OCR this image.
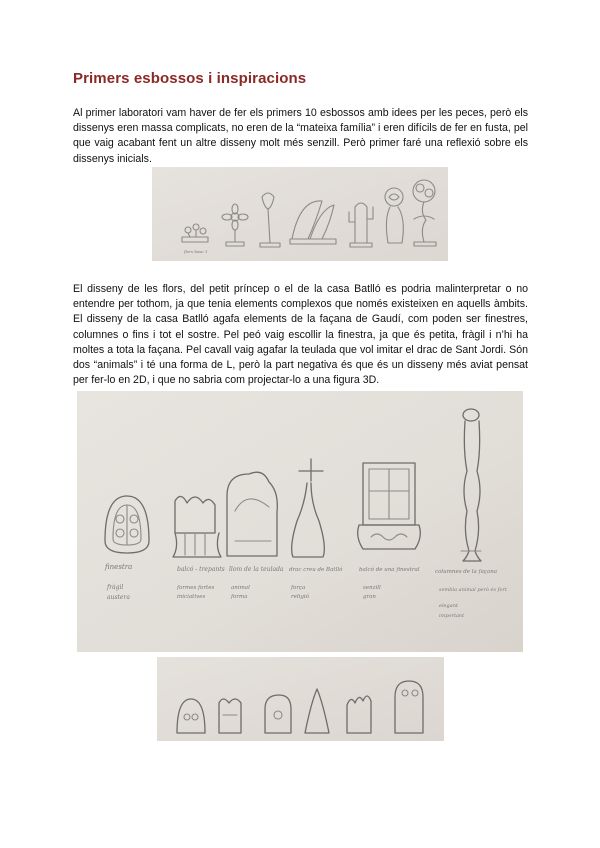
Primers esbossos i inspiracions

Al primer laboratori vam haver de fer els primers 10 esbossos amb idees per les peces, però els dissenys eren massa complicats, no eren de la “mateixa família” i eren difícils de fer en fusta, pel que vaig acabant fent un altre disseny molt més senzill. Però primer faré una reflexió sobre els dissenys inicials.

flors base 1

El disseny de les flors, del petit príncep o el de la casa Batlló es podria malinterpretar o no entendre per tothom, ja que tenia elements complexos que només existeixen en aquells àmbits. El disseny de la casa Batlló agafa elements de la façana de Gaudí, com poden ser finestres, columnes o fins i tot el sostre. Pel peó vaig escollir la finestra, ja que és petita, fràgil i n’hi ha moltes a tota la façana. Pel cavall vaig agafar la teulada que vol imitar el drac de Sant Jordi. Són dos “animals” i té una forma de L, però la part negativa és que és un disseny més aviat pensat per fer-lo en 2D, i que no sabria com projectar-lo a una figura 3D.

finestra
fràgil
austera
balcó - trepants
formes fortes
iniciatives
llom de la teulada
animal
forma
drac creu de Batlló
força
religió
balcó de una finestral
senzill
gran
columnes de la façana
sembla animal però és fort
elegant
important
